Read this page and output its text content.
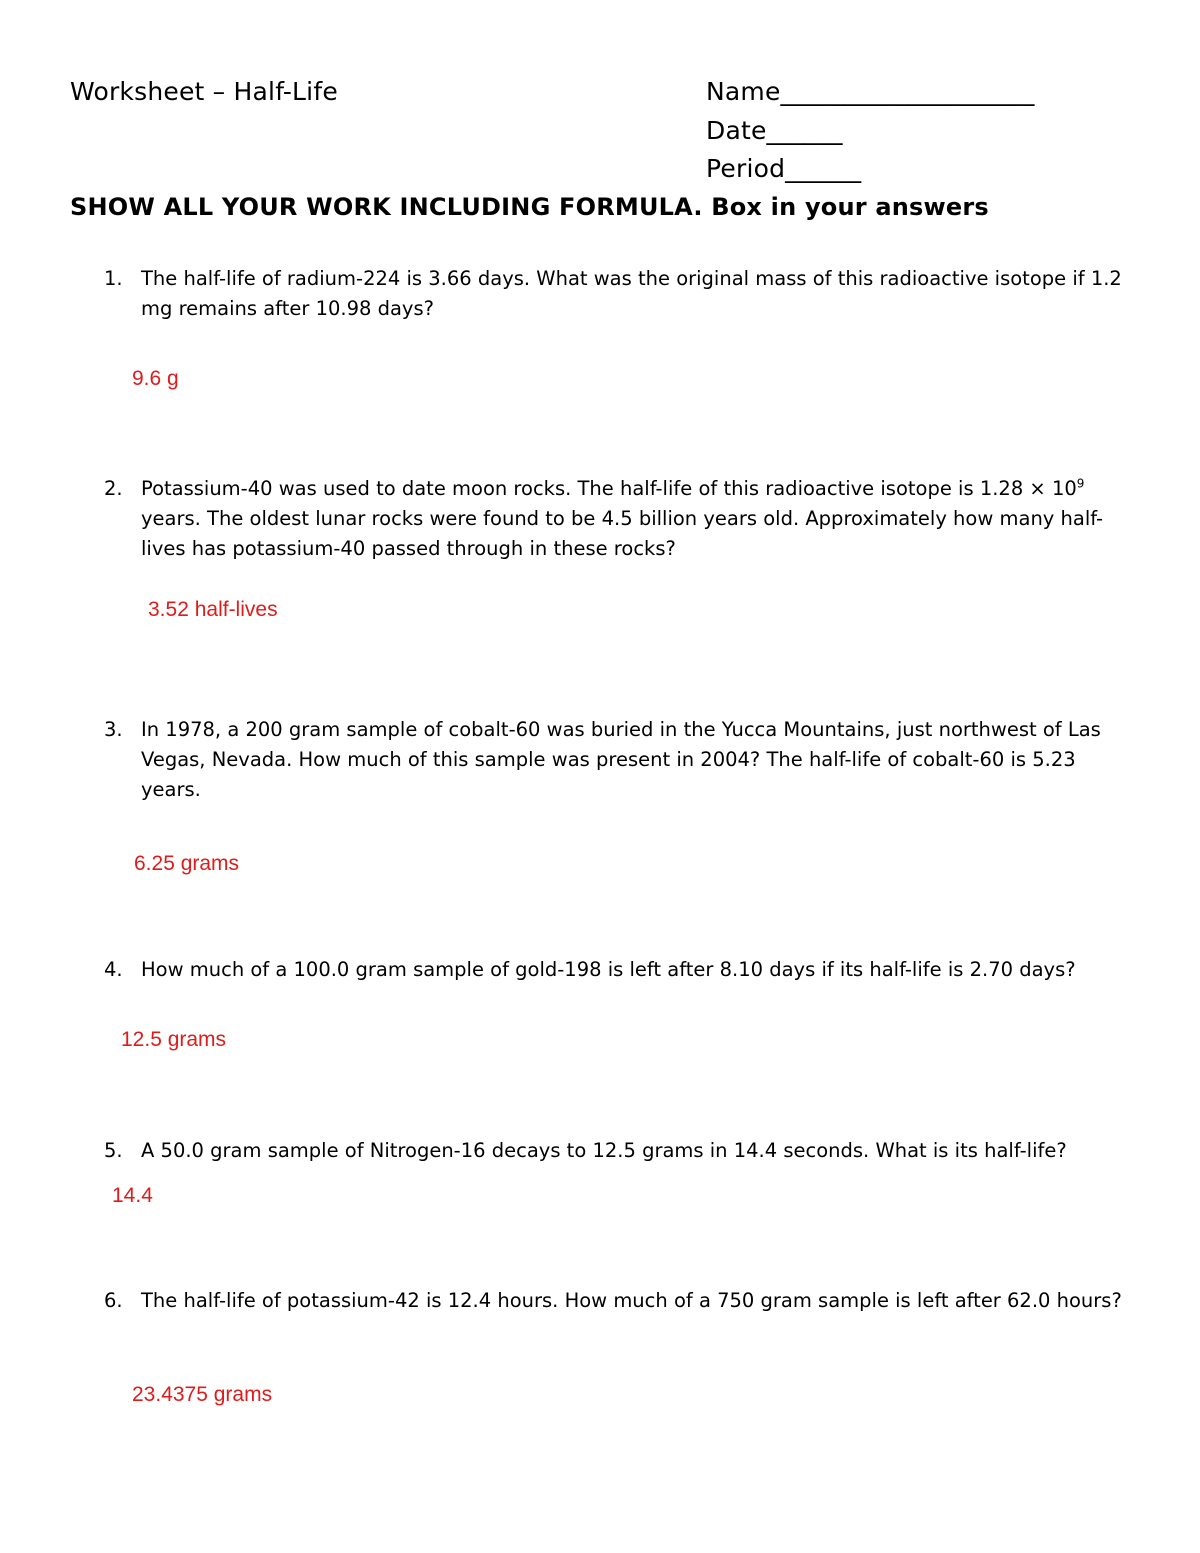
Worksheet – Half-Life	Name____________________
Date______
Period______
SHOW ALL YOUR WORK INCLUDING FORMULA. Box in your answers
1. The half-life of radium-224 is 3.66 days. What was the original mass of this radioactive isotope if 1.2 mg remains after 10.98 days?
9.6 g
2. Potassium-40 was used to date moon rocks. The half-life of this radioactive isotope is $1.28 \times 10^9$ years. The oldest lunar rocks were found to be 4.5 billion years old. Approximately how many half-lives has potassium-40 passed through in these rocks?
3.52 half-lives
3. In 1978, a 200 gram sample of cobalt-60 was buried in the Yucca Mountains, just northwest of Las Vegas, Nevada. How much of this sample was present in 2004? The half-life of cobalt-60 is 5.23 years.
6.25 grams
4. How much of a 100.0 gram sample of gold-198 is left after 8.10 days if its half-life is 2.70 days?
12.5 grams
5. A 50.0 gram sample of Nitrogen-16 decays to 12.5 grams in 14.4 seconds. What is its half-life?
14.4
6. The half-life of potassium-42 is 12.4 hours. How much of a 750 gram sample is left after 62.0 hours?
23.4375 grams
